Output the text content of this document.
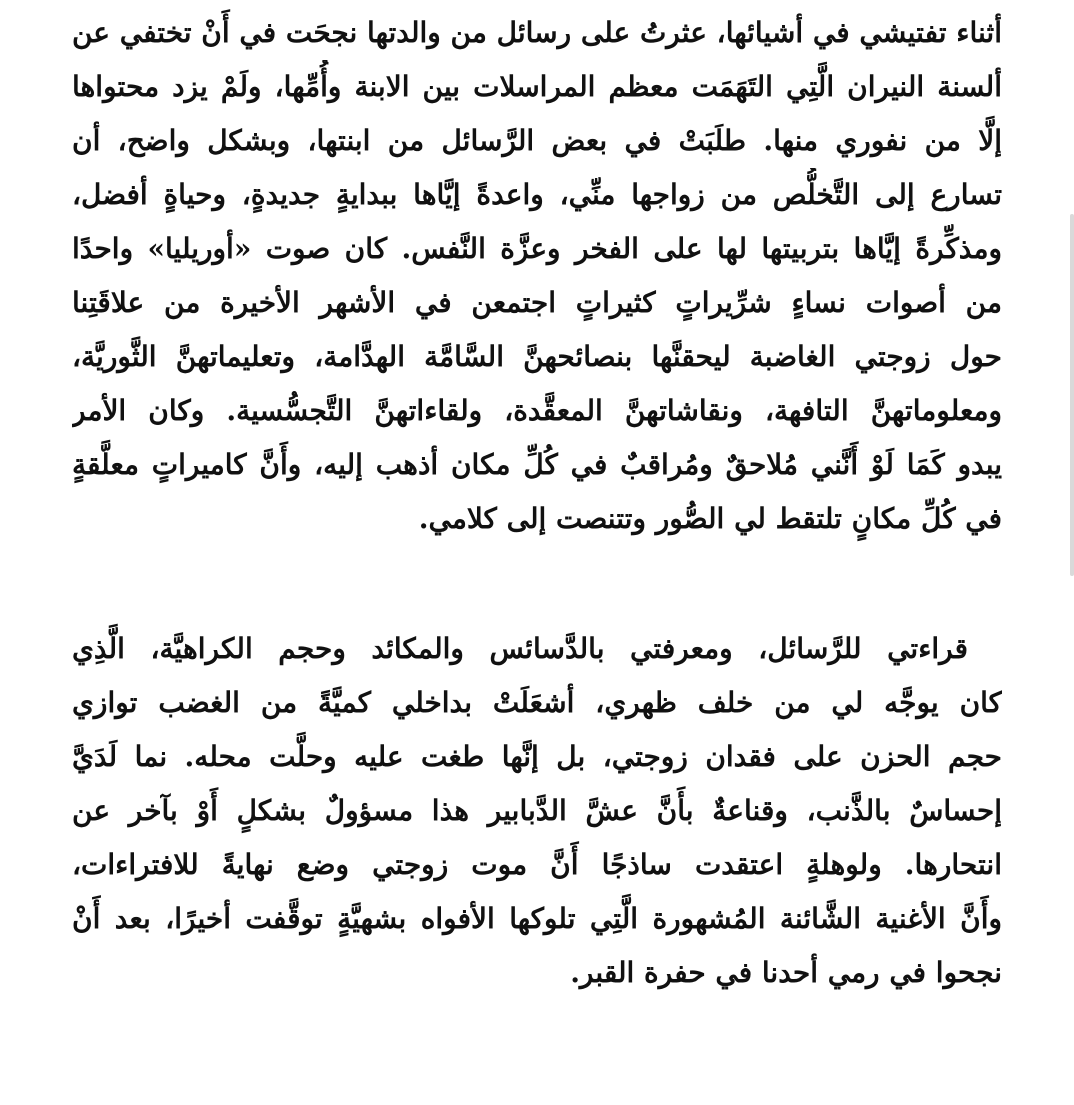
أثناء تفتيشي في أشيائها، عثرتُ على رسائل من والدتها نجحَت في أَنْ تختفي عن
ألسنة النيران الَّتِي التَهَمَت معظم المراسلات بين الابنة وأُمِّها، ولَمْ يزد محتواها
إلَّا من نفوري منها. طلَبَتْ في بعض الرَّسائل من ابنتها، وبشكل واضح، أن
تسارع إلى التَّخلُّص من زواجها منِّي، واعدةً إيَّاها ببدايةٍ جديدةٍ، وحياةٍ أفضل،
ومذكِّرةً إيَّاها بتربيتها لها على الفخر وعزَّة النَّفس. كان صوت «أوريليا» واحدًا
من أصوات نساءٍ شرِّيراتٍ كثيراتٍ اجتمعن في الأشهر الأخيرة من علاقَتِنا
حول زوجتي الغاضبة ليحقنَّها بنصائحهنَّ السَّامَّة الهدَّامة، وتعليماتهنَّ الثَّوريَّة،
ومعلوماتهنَّ التافهة، ونقاشاتهنَّ المعقَّدة، ولقاءاتهنَّ التَّجسُّسية. وكان الأمر
يبدو كَمَا لَوْ أَنَّني مُلاحقٌ ومُراقبٌ في كُلِّ مكان أذهب إليه، وأَنَّ كاميراتٍ معلَّقةٍ
في كُلِّ مكانٍ تلتقط لي الصُّور وتتنصت إلى كلامي.
قراءتي للرَّسائل، ومعرفتي بالدَّسائس والمكائد وحجم الكراهيَّة، الَّذِي
كان يوجَّه لي من خلف ظهري، أشعَلَتْ بداخلي كميَّةً من الغضب توازي
حجم الحزن على فقدان زوجتي، بل إنَّها طغت عليه وحلَّت محله. نما لَدَيَّ
إحساسٌ بالذَّنب، وقناعةٌ بأَنَّ عشَّ الدَّبابير هذا مسؤولٌ بشكلٍ أَوْ بآخر عن
انتحارها. ولوهلةٍ اعتقدت ساذجًا أَنَّ موت زوجتي وضع نهايةً للافتراءات،
وأَنَّ الأغنية الشَّائنة المُشهورة الَّتِي تلوكها الأفواه بشهيَّةٍ توقَّفت أخيرًا، بعد أَنْ
نجحوا في رمي أحدنا في حفرة القبر.
